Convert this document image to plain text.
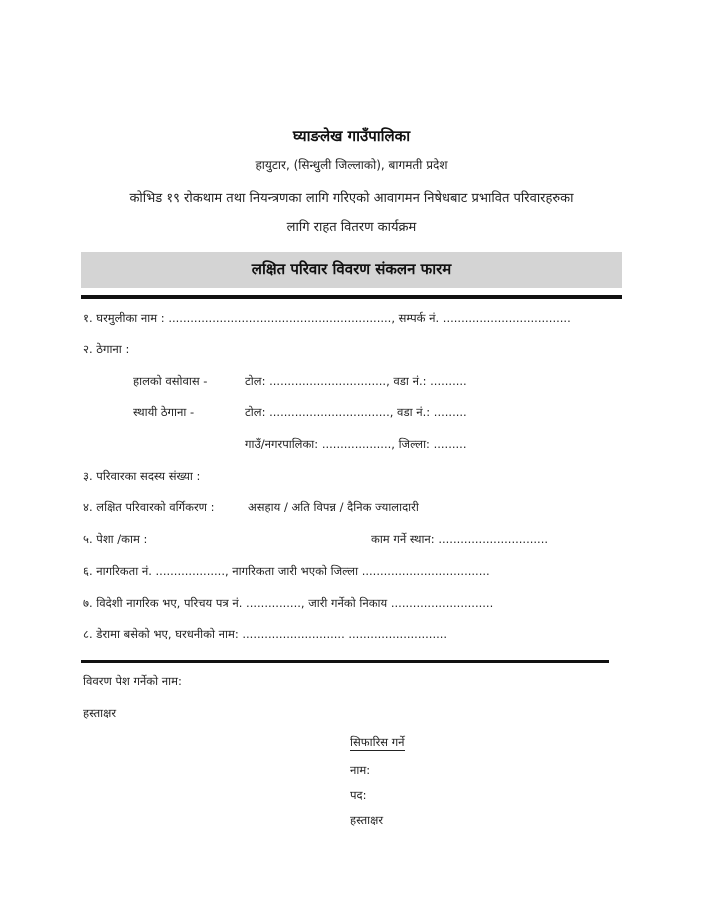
घ्याङलेख गाउँपालिका
हायुटार, (सिन्धुली जिल्लाको), बागमती प्रदेश
कोभिड १९ रोकथाम तथा नियन्त्रणका लागि गरिएको आवागमन निषेधबाट प्रभावित परिवारहरुका
लागि राहत वितरण कार्यक्रम
लक्षित परिवार विवरण संकलन फारम
१. घरमुलीका नाम : ............................................................., सम्पर्क नं. ...................................
२. ठेगाना :
हालको वसोवास -	टोल: ................................, वडा नं.: ..........
स्थायी ठेगाना -	टोल: ................................., वडा नं.: .........
गाउँ/नगरपालिका: ..................., जिल्ला: .........
३. परिवारका सदस्य संख्या :
४. लक्षित परिवारको वर्गिकरण :	असहाय / अति विपन्न / दैनिक ज्यालादारी
५. पेशा /काम :	काम गर्ने स्थान: ..............................
६. नागरिकता नं. ..................., नागरिकता जारी भएको जिल्ला ...................................
७. विदेशी नागरिक भए, परिचय पत्र नं. ..............., जारी गर्नेको निकाय ............................
८. डेरामा बसेको भए, घरधनीको नाम: ............................ ...........................
विवरण पेश गर्नेको नाम:
हस्ताक्षर
सिफारिस गर्ने
नाम:
पद:
हस्ताक्षर
